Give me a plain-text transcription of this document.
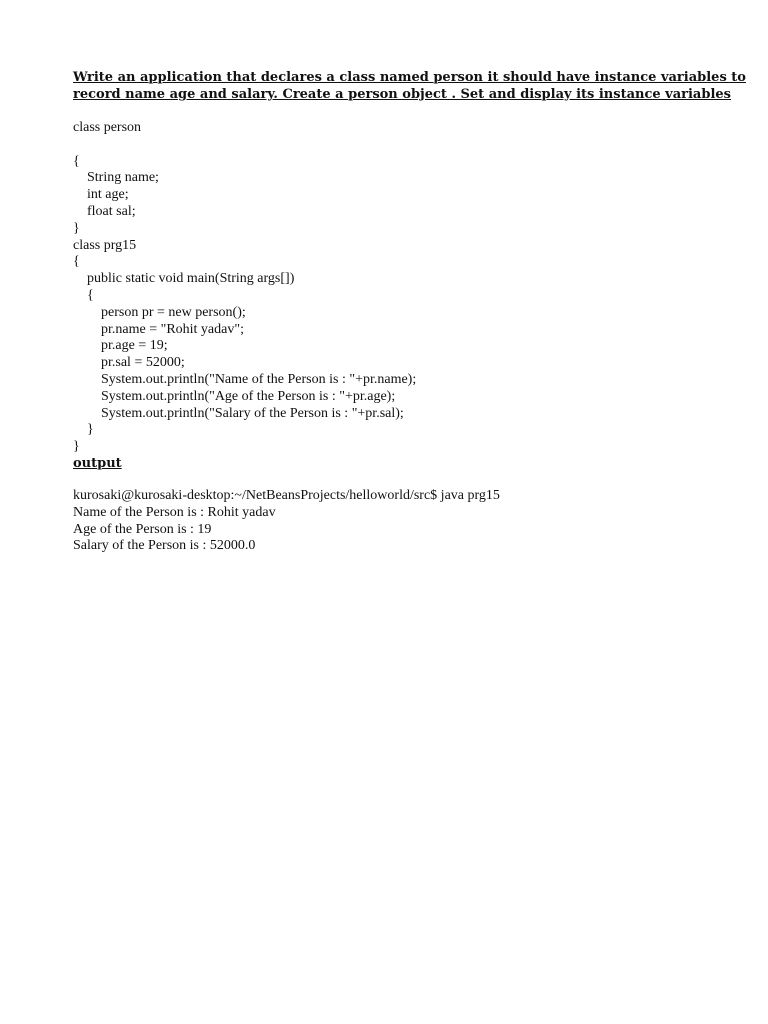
Write an application that declares a class named person it should have instance variables to
record name age and salary. Create a person object . Set and display its instance variables
class person
{
String name;
int age;
float sal;
}
class prg15
{
public static void main(String args[])
{
person pr = new person();
pr.name = "Rohit yadav";
pr.age = 19;
pr.sal = 52000;
System.out.println("Name of the Person is : "+pr.name);
System.out.println("Age of the Person is : "+pr.age);
System.out.println("Salary of the Person is : "+pr.sal);
}
}
output
kurosaki@kurosaki-desktop:~/NetBeansProjects/helloworld/src$ java prg15
Name of the Person is : Rohit yadav
Age of the Person is : 19
Salary of the Person is : 52000.0
